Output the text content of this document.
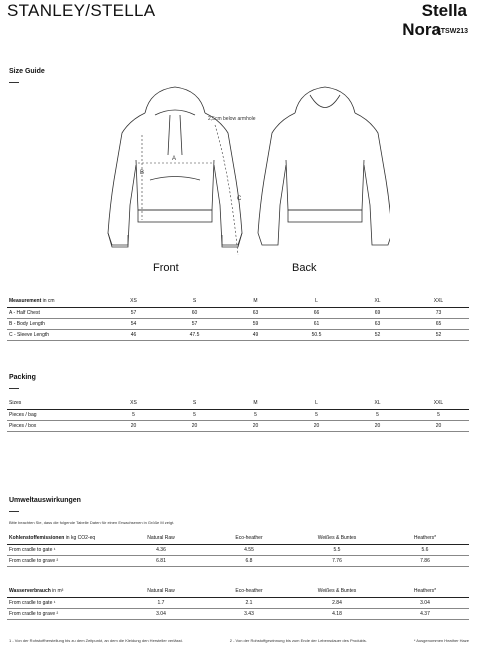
STANLEY/STELLA	Stella
Nora
STSW213
Size Guide
A
B
C
2,5cm below armhole
Front	Back
Measurement in cm	XS	S	M	L	XL	XXL
A - Half Chest	57	60	63	66	69	73
B - Body Length	54	57	59	61	63	65
C - Sleeve Length	46	47.5	49	50.5	52	52
Packing
Sizes	XS	S	M	L	XL	XXL
Pieces / bag	5	5	5	5	5	5
Pieces / box	20	20	20	20	20	20
Umweltauswirkungen
Bitte beachten Sie, dass die folgende Tabelle Daten für einen Erwachsenen in Größe M zeigt.
Kohlenstoffemissionen in kg CO2-eq	Natural Raw	Eco-heather	Weißes & Buntes	Heathers*
From cradle to gate ¹	4.36	4.55	5.5	5.6
From cradle to grave ²	6.81	6.8	7.76	7.86
Wasserverbrauch in m³	Natural Raw	Eco-heather	Weißes & Buntes	Heathers*
From cradle to gate ¹	1.7	2.1	2.84	3.04
From cradle to grave ²	3.04	3.43	4.18	4.37
1 - Von der Rohstoffherstellung bis zu dem Zeitpunkt, an dem die Kleidung den Hersteller verlässt.	2 - Von der Rohstoffgewinnung bis zum Ende der Lebensdauer des Produkts.	* Ausgenommen Heather Haze
